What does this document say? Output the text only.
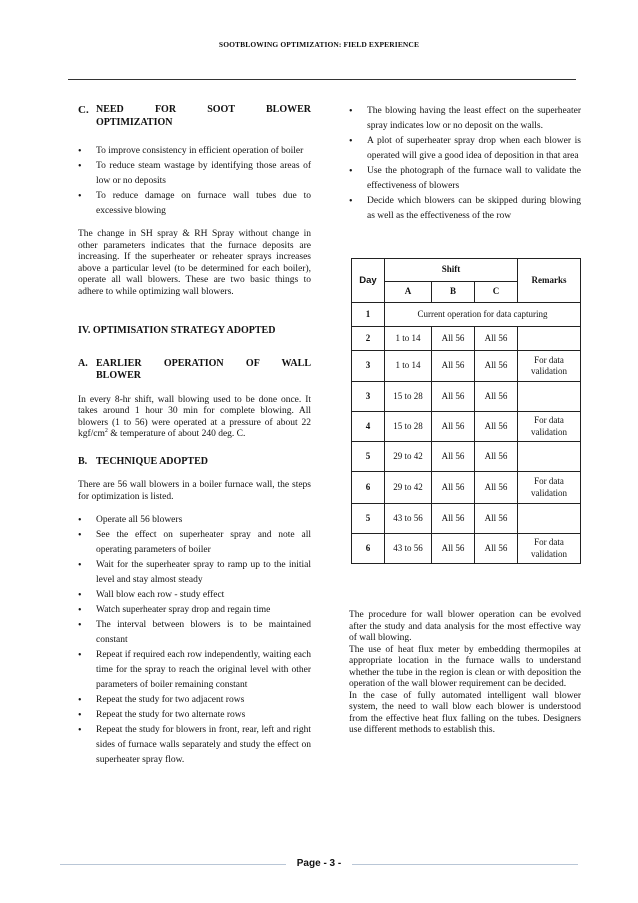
SOOTBLOWING OPTIMIZATION: FIELD EXPERIENCE
C. NEED FOR SOOT BLOWER
OPTIMIZATION
• To improve consistency in efficient operation of boiler
• To reduce steam wastage by identifying those areas of low or no deposits
• To reduce damage on furnace wall tubes due to excessive blowing

The change in SH spray & RH Spray without change in other parameters indicates that the furnace deposits are increasing. If the superheater or reheater sprays increases above a particular level (to be determined for each boiler), operate all wall blowers. These are two basic things to adhere to while optimizing wall blowers.

IV. OPTIMISATION STRATEGY ADOPTED
A. EARLIER OPERATION OF WALL
BLOWER

In every 8-hr shift, wall blowing used to be done once. It takes around 1 hour 30 min for complete blowing. All blowers (1 to 56) were operated at a pressure of about 22 kgf/$cm^2$ & temperature of about 240 deg. C.

B. TECHNIQUE ADOPTED

There are 56 wall blowers in a boiler furnace wall, the steps for optimization is listed.

• Operate all 56 blowers
• See the effect on superheater spray and note all operating parameters of boiler
• Wait for the superheater spray to ramp up to the initial level and stay almost steady
• Wall blow each row - study effect
• Watch superheater spray drop and regain time
• The interval between blowers is to be maintained constant
• Repeat if required each row independently, waiting each time for the spray to reach the original level with other parameters of boiler remaining constant
• Repeat the study for two adjacent rows
• Repeat the study for two alternate rows
• Repeat the study for blowers in front, rear, left and right sides of furnace walls separately and study the effect on superheater spray flow.
• The blowing having the least effect on the superheater spray indicates low or no deposit on the walls.
• A plot of superheater spray drop when each blower is operated will give a good idea of deposition in that area
• Use the photograph of the furnace wall to validate the effectiveness of blowers
• Decide which blowers can be skipped during blowing as well as the effectiveness of the row
Day	Shift			Remarks
	A	B	C	
1	Current operation for data capturing			
2	1 to 14	All 56	All 56	
3	1 to 14	All 56	All 56	For data validation
3	15 to 28	All 56	All 56	
4	15 to 28	All 56	All 56	For data validation
5	29 to 42	All 56	All 56	
6	29 to 42	All 56	All 56	For data validation
5	43 to 56	All 56	All 56	
6	43 to 56	All 56	All 56	For data validation

The procedure for wall blower operation can be evolved after the study and data analysis for the most effective way of wall blowing.

The use of heat flux meter by embedding thermopiles at appropriate location in the furnace walls to understand whether the tube in the region is clean or with deposition the operation of the wall blower requirement can be decided.

In the case of fully automated intelligent wall blower system, the need to wall blow each blower is understood from the effective heat flux falling on the tubes. Designers use different methods to establish this.

Page - 3 -
